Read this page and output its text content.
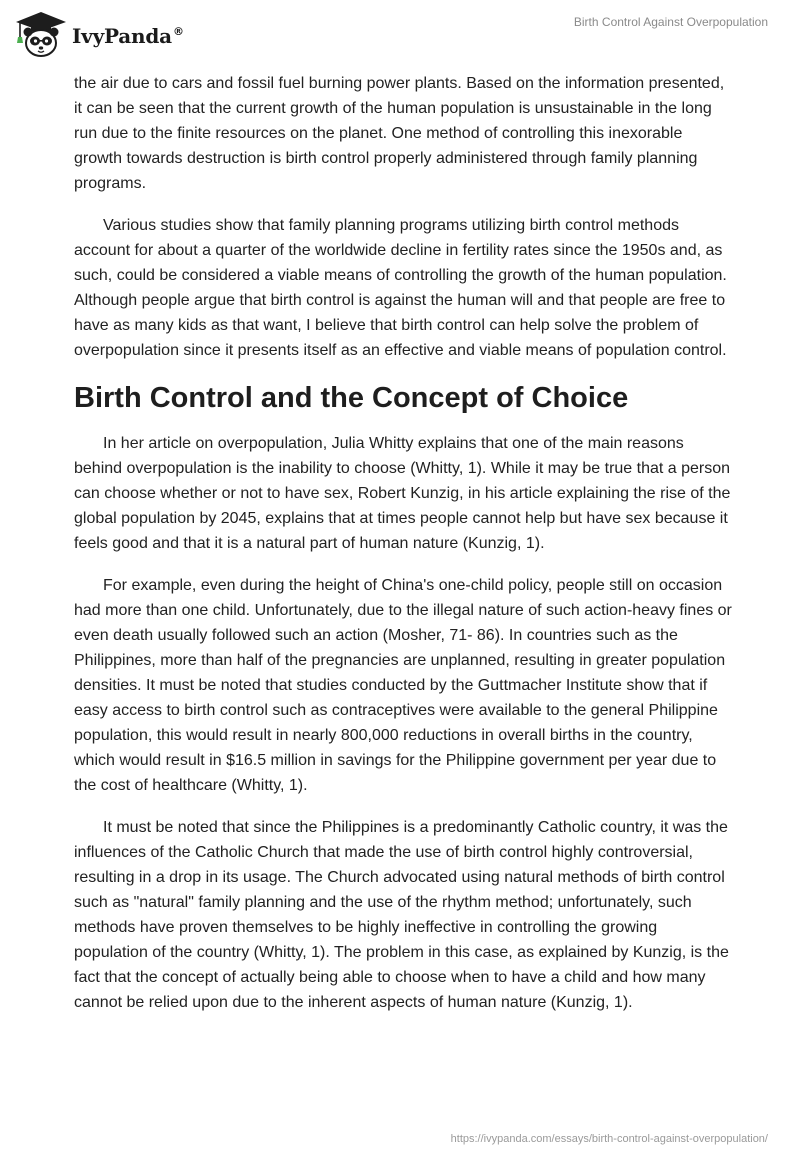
IvyPanda®
Birth Control Against Overpopulation

the air due to cars and fossil fuel burning power plants. Based on the information presented, it can be seen that the current growth of the human population is unsustainable in the long run due to the finite resources on the planet. One method of controlling this inexorable growth towards destruction is birth control properly administered through family planning programs.

Various studies show that family planning programs utilizing birth control methods account for about a quarter of the worldwide decline in fertility rates since the 1950s and, as such, could be considered a viable means of controlling the growth of the human population. Although people argue that birth control is against the human will and that people are free to have as many kids as that want, I believe that birth control can help solve the problem of overpopulation since it presents itself as an effective and viable means of population control.

Birth Control and the Concept of Choice

In her article on overpopulation, Julia Whitty explains that one of the main reasons behind overpopulation is the inability to choose (Whitty, 1). While it may be true that a person can choose whether or not to have sex, Robert Kunzig, in his article explaining the rise of the global population by 2045, explains that at times people cannot help but have sex because it feels good and that it is a natural part of human nature (Kunzig, 1).

For example, even during the height of China's one-child policy, people still on occasion had more than one child. Unfortunately, due to the illegal nature of such action-heavy fines or even death usually followed such an action (Mosher, 71- 86). In countries such as the Philippines, more than half of the pregnancies are unplanned, resulting in greater population densities. It must be noted that studies conducted by the Guttmacher Institute show that if easy access to birth control such as contraceptives were available to the general Philippine population, this would result in nearly 800,000 reductions in overall births in the country, which would result in $16.5 million in savings for the Philippine government per year due to the cost of healthcare (Whitty, 1).

It must be noted that since the Philippines is a predominantly Catholic country, it was the influences of the Catholic Church that made the use of birth control highly controversial, resulting in a drop in its usage. The Church advocated using natural methods of birth control such as "natural" family planning and the use of the rhythm method; unfortunately, such methods have proven themselves to be highly ineffective in controlling the growing population of the country (Whitty, 1). The problem in this case, as explained by Kunzig, is the fact that the concept of actually being able to choose when to have a child and how many cannot be relied upon due to the inherent aspects of human nature (Kunzig, 1).

https://ivypanda.com/essays/birth-control-against-overpopulation/
